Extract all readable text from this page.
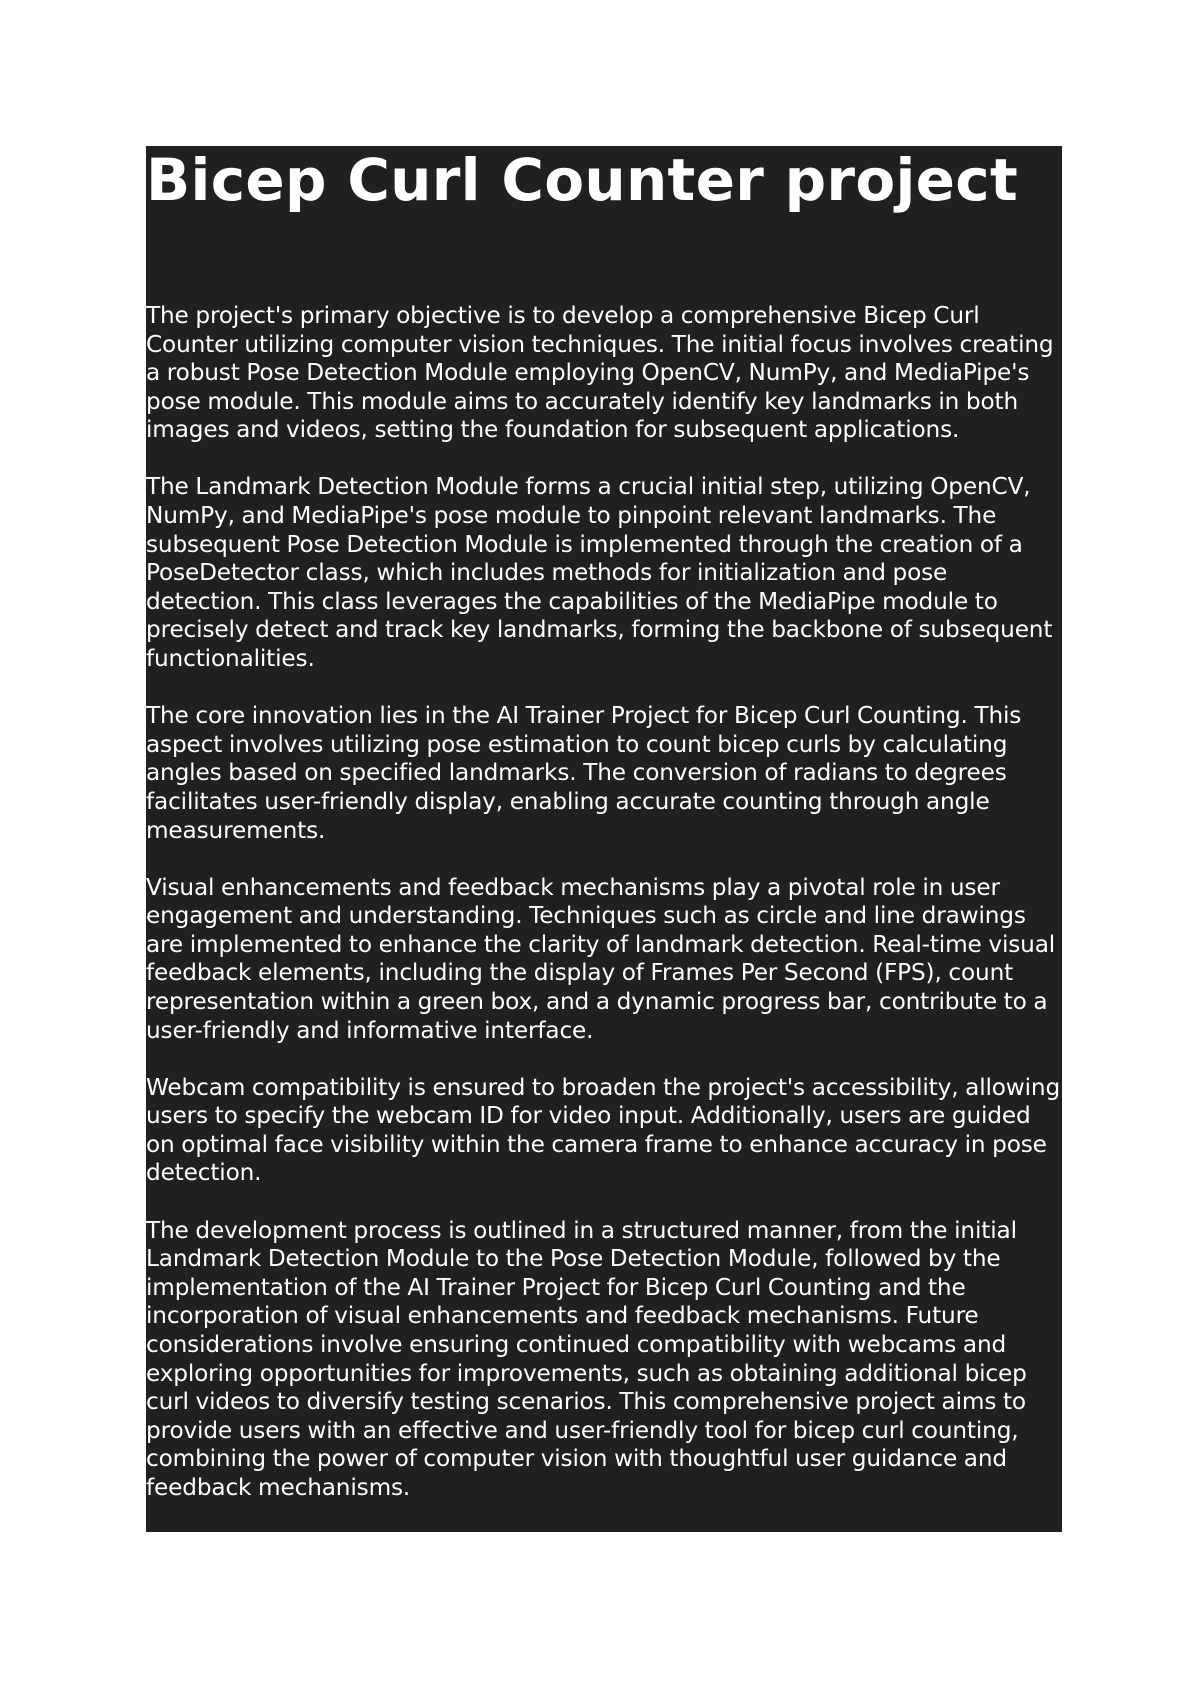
Bicep Curl Counter project

The project's primary objective is to develop a comprehensive Bicep Curl Counter utilizing computer vision techniques. The initial focus involves creating a robust Pose Detection Module employing OpenCV, NumPy, and MediaPipe's pose module. This module aims to accurately identify key landmarks in both images and videos, setting the foundation for subsequent applications.

The Landmark Detection Module forms a crucial initial step, utilizing OpenCV, NumPy, and MediaPipe's pose module to pinpoint relevant landmarks. The subsequent Pose Detection Module is implemented through the creation of a PoseDetector class, which includes methods for initialization and pose detection. This class leverages the capabilities of the MediaPipe module to precisely detect and track key landmarks, forming the backbone of subsequent functionalities.

The core innovation lies in the AI Trainer Project for Bicep Curl Counting. This aspect involves utilizing pose estimation to count bicep curls by calculating angles based on specified landmarks. The conversion of radians to degrees facilitates user-friendly display, enabling accurate counting through angle measurements.

Visual enhancements and feedback mechanisms play a pivotal role in user engagement and understanding. Techniques such as circle and line drawings are implemented to enhance the clarity of landmark detection. Real-time visual feedback elements, including the display of Frames Per Second (FPS), count representation within a green box, and a dynamic progress bar, contribute to a user-friendly and informative interface.

Webcam compatibility is ensured to broaden the project's accessibility, allowing users to specify the webcam ID for video input. Additionally, users are guided on optimal face visibility within the camera frame to enhance accuracy in pose detection.

The development process is outlined in a structured manner, from the initial Landmark Detection Module to the Pose Detection Module, followed by the implementation of the AI Trainer Project for Bicep Curl Counting and the incorporation of visual enhancements and feedback mechanisms. Future considerations involve ensuring continued compatibility with webcams and exploring opportunities for improvements, such as obtaining additional bicep curl videos to diversify testing scenarios. This comprehensive project aims to provide users with an effective and user-friendly tool for bicep curl counting, combining the power of computer vision with thoughtful user guidance and feedback mechanisms.
